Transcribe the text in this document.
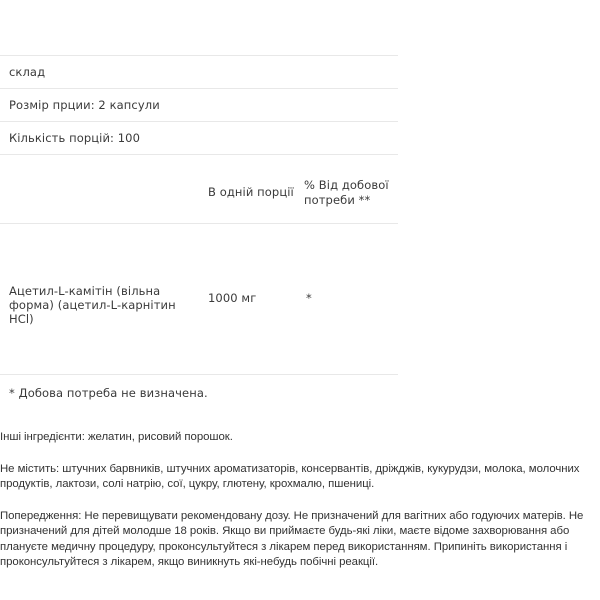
склад
Розмір прции: 2 капсули
Кількість порцій: 100
В одній порції % Від добової потреби **
Ацетил-L-камітін (вільна форма) (ацетил-L-карнітин HCl)
1000 мг	*
* Добова потреба не визначена.

Інші інгредієнти: желатин, рисовий порошок.

Не містить: штучних барвників, штучних ароматизаторів, консервантів, дріжджів, кукурудзи, молока, молочних продуктів, лактози, солі натрію, сої, цукру, глютену, крохмалю, пшениці.

Попередження: Не перевищувати рекомендовану дозу. Не призначений для вагітних або годуючих матерів. Не призначений для дітей молодше 18 років. Якщо ви приймаєте будь-які ліки, маєте відоме захворювання або плануєте медичну процедуру, проконсультуйтеся з лікарем перед використанням. Припиніть використання і проконсультуйтеся з лікарем, якщо виникнуть які-небудь побічні реакції.
